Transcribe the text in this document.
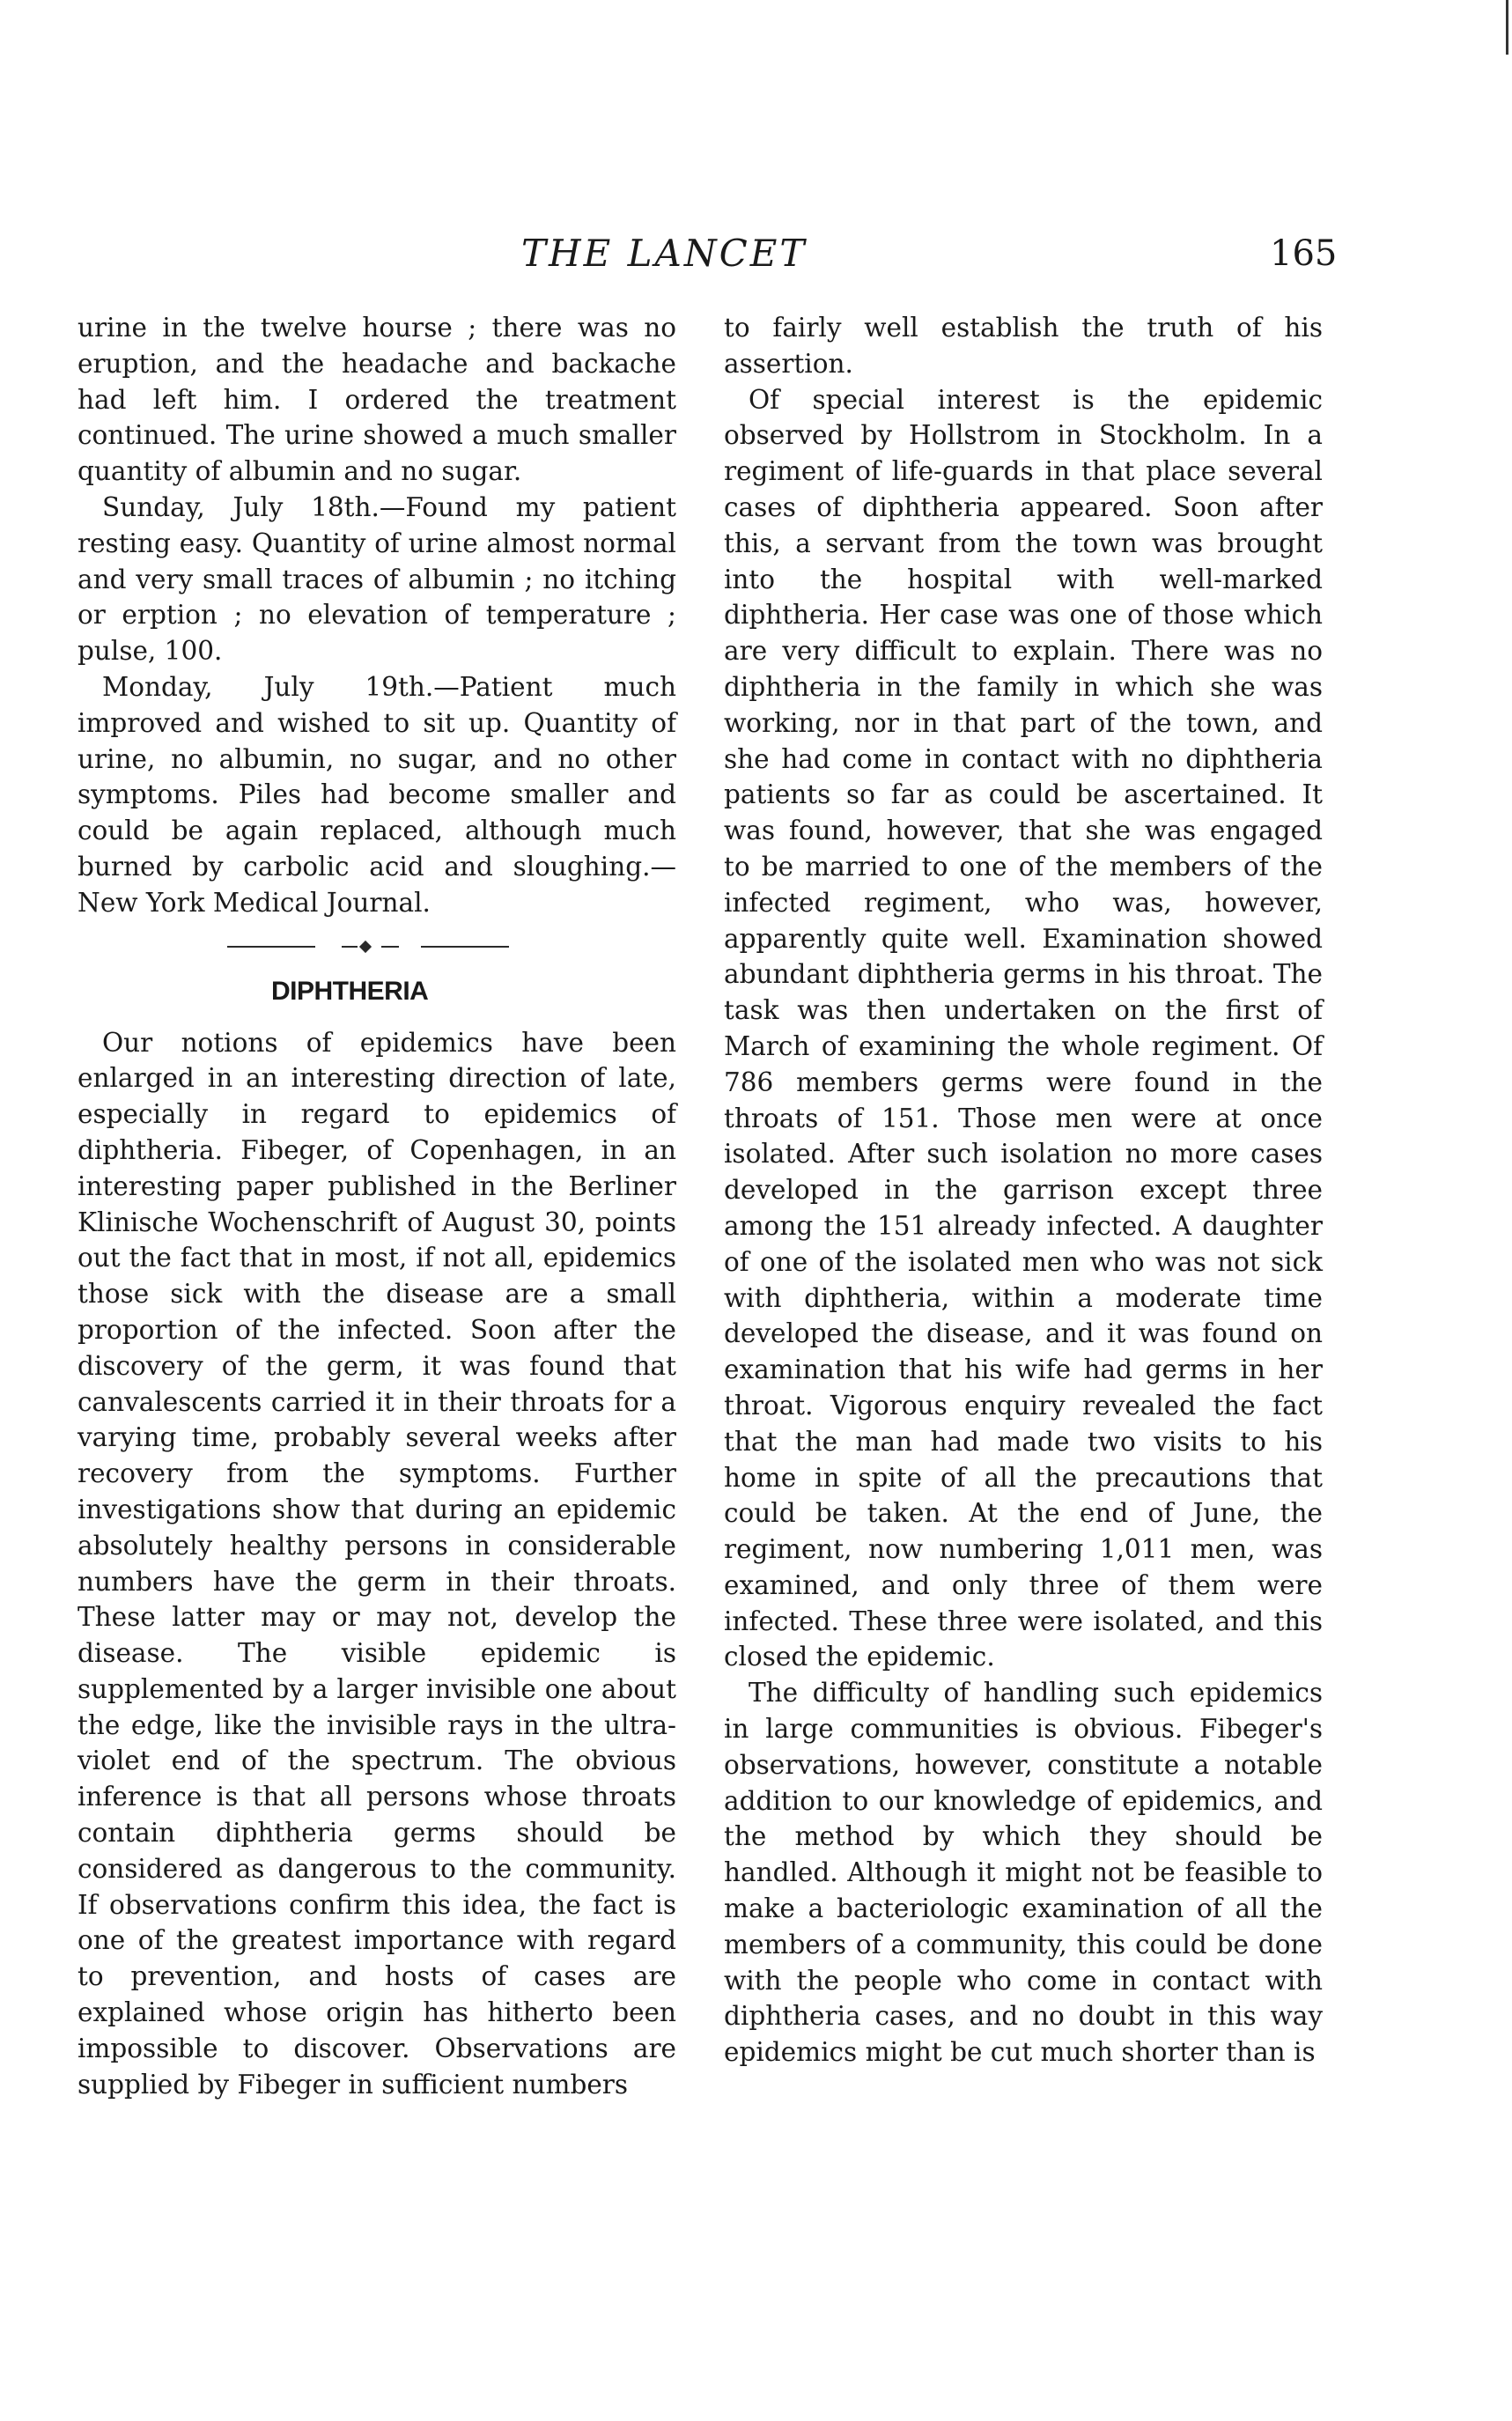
THE LANCET	165

urine in the twelve hourse ; there was no eruption, and the headache and backache had left him. I ordered the treatment continued. The urine showed a much smaller quantity of albumin and no sugar.

Sunday, July 18th.—Found my patient resting easy. Quantity of urine almost normal and very small traces of albumin ; no itching or erption ; no elevation of temperature ; pulse, 100.

Monday, July 19th.—Patient much improved and wished to sit up. Quantity of urine, no albumin, no sugar, and no other symptoms. Piles had become smaller and could be again replaced, although much burned by carbolic acid and sloughing.—New York Medical Journal.

DIPHTHERIA

Our notions of epidemics have been enlarged in an interesting direction of late, especially in regard to epidemics of diphtheria. Fibeger, of Copenhagen, in an interesting paper published in the Berliner Klinische Wochenschrift of August 30, points out the fact that in most, if not all, epidemics those sick with the disease are a small proportion of the infected. Soon after the discovery of the germ, it was found that canvalescents carried it in their throats for a varying time, probably several weeks after recovery from the symptoms. Further investigations show that during an epidemic absolutely healthy persons in considerable numbers have the germ in their throats. These latter may or may not, develop the disease. The visible epidemic is supplemented by a larger invisible one about the edge, like the invisible rays in the ultra-violet end of the spectrum. The obvious inference is that all persons whose throats contain diphtheria germs should be considered as dangerous to the community. If observations confirm this idea, the fact is one of the greatest importance with regard to prevention, and hosts of cases are explained whose origin has hitherto been impossible to discover. Observations are supplied by Fibeger in sufficient numbers

to fairly well establish the truth of his assertion.

Of special interest is the epidemic observed by Hollstrom in Stockholm. In a regiment of life-guards in that place several cases of diphtheria appeared. Soon after this, a servant from the town was brought into the hospital with well-marked diphtheria. Her case was one of those which are very difficult to explain. There was no diphtheria in the family in which she was working, nor in that part of the town, and she had come in contact with no diphtheria patients so far as could be ascertained. It was found, however, that she was engaged to be married to one of the members of the infected regiment, who was, however, apparently quite well. Examination showed abundant diphtheria germs in his throat. The task was then undertaken on the first of March of examining the whole regiment. Of 786 members germs were found in the throats of 151. Those men were at once isolated. After such isolation no more cases developed in the garrison except three among the 151 already infected. A daughter of one of the isolated men who was not sick with diphtheria, within a moderate time developed the disease, and it was found on examination that his wife had germs in her throat. Vigorous enquiry revealed the fact that the man had made two visits to his home in spite of all the precautions that could be taken. At the end of June, the regiment, now numbering 1,011 men, was examined, and only three of them were infected. These three were isolated, and this closed the epidemic.

The difficulty of handling such epidemics in large communities is obvious. Fibeger's observations, however, constitute a notable addition to our knowledge of epidemics, and the method by which they should be handled. Although it might not be feasible to make a bacteriologic examination of all the members of a community, this could be done with the people who come in contact with diphtheria cases, and no doubt in this way epidemics might be cut much shorter than is
